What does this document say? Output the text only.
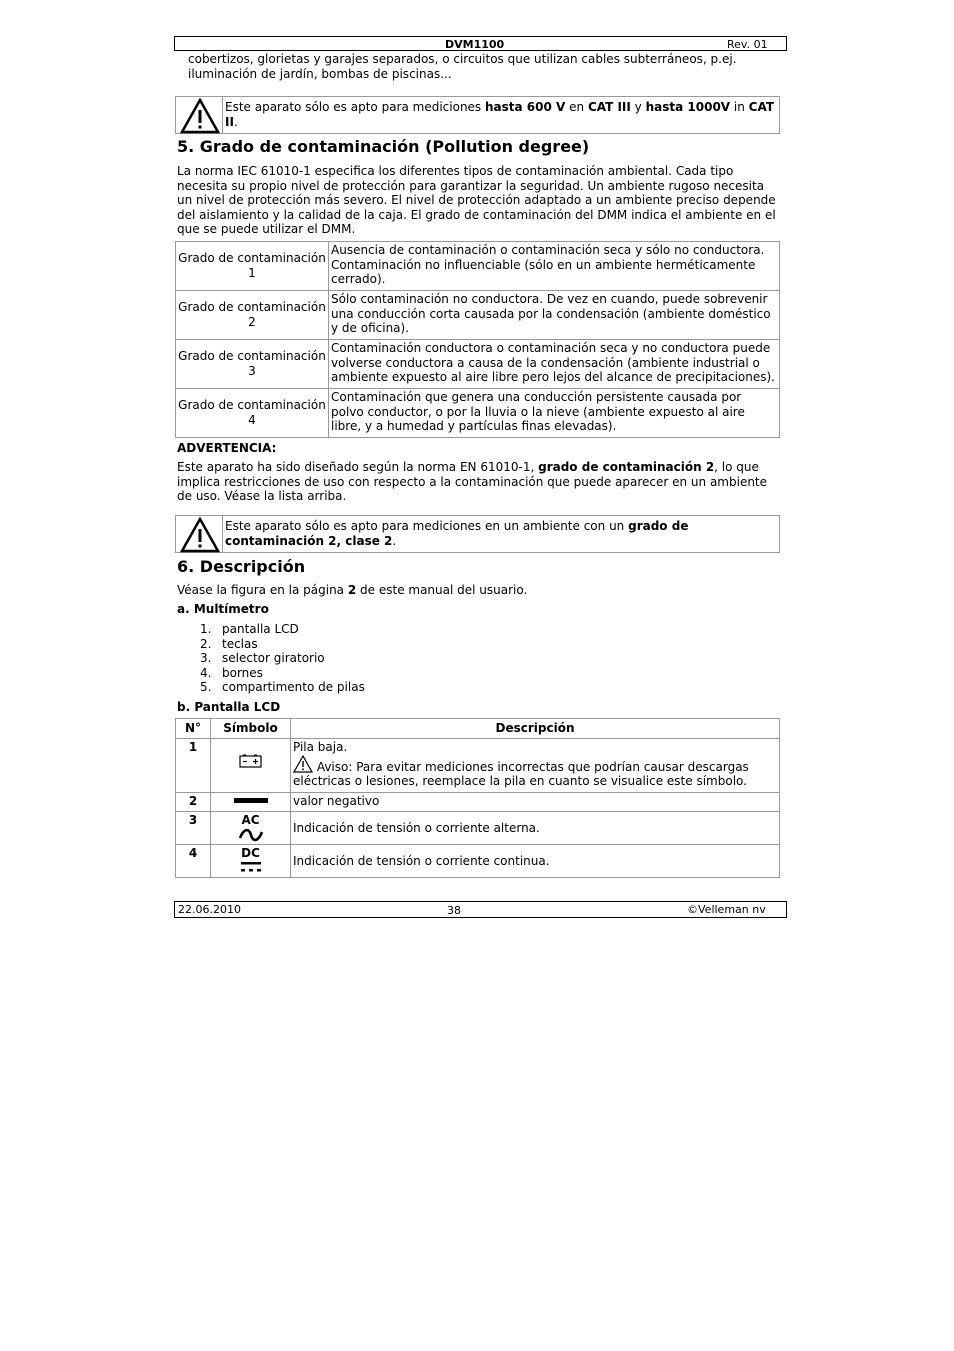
DVM1100	Rev. 01

cobertizos, glorietas y garajes separados, o circuitos que utilizan cables subterráneos, p.ej. iluminación de jardín, bombas de piscinas...

Este aparato sólo es apto para mediciones hasta 600 V en CAT III y hasta 1000V in CAT II.
5. Grado de contaminación (Pollution degree)

La norma IEC 61010-1 especifica los diferentes tipos de contaminación ambiental. Cada tipo necesita su propio nivel de protección para garantizar la seguridad. Un ambiente rugoso necesita un nivel de protección más severo. El nivel de protección adaptado a un ambiente preciso depende del aislamiento y la calidad de la caja. El grado de contaminación del DMM indica el ambiente en el que se puede utilizar el DMM.

Grado de contaminación
1	Ausencia de contaminación o contaminación seca y sólo no conductora. Contaminación no influenciable (sólo en un ambiente herméticamente cerrado).
Grado de contaminación
2	Sólo contaminación no conductora. De vez en cuando, puede sobrevenir una conducción corta causada por la condensación (ambiente doméstico y de oficina).
Grado de contaminación
3	Contaminación conductora o contaminación seca y no conductora puede volverse conductora a causa de la condensación (ambiente industrial o ambiente expuesto al aire libre pero lejos del alcance de precipitaciones).
Grado de contaminación
4	Contaminación que genera una conducción persistente causada por polvo conductor, o por la lluvia o la nieve (ambiente expuesto al aire libre, y a humedad y partículas finas elevadas).

ADVERTENCIA:

Este aparato ha sido diseñado según la norma EN 61010-1, grado de contaminación 2, lo que implica restricciones de uso con respecto a la contaminación que puede aparecer en un ambiente de uso. Véase la lista arriba.

Este aparato sólo es apto para mediciones en un ambiente con un grado de contaminación 2, clase 2.
6. Descripción

Véase la figura en la página 2 de este manual del usuario.

a. Multímetro

1. pantalla LCD
2. teclas
3. selector giratorio
4. bornes
5. compartimento de pilas

b. Pantalla LCD

N°	Símbolo	Descripción
1		Pila baja.
Aviso: Para evitar mediciones incorrectas que podrían causar descargas eléctricas o lesiones, reemplace la pila en cuanto se visualice este símbolo.

2		valor negativo
3	AC	Indicación de tensión o corriente alterna.
4	DC	Indicación de tensión o corriente continua.
22.06.2010	38	©Velleman nv
